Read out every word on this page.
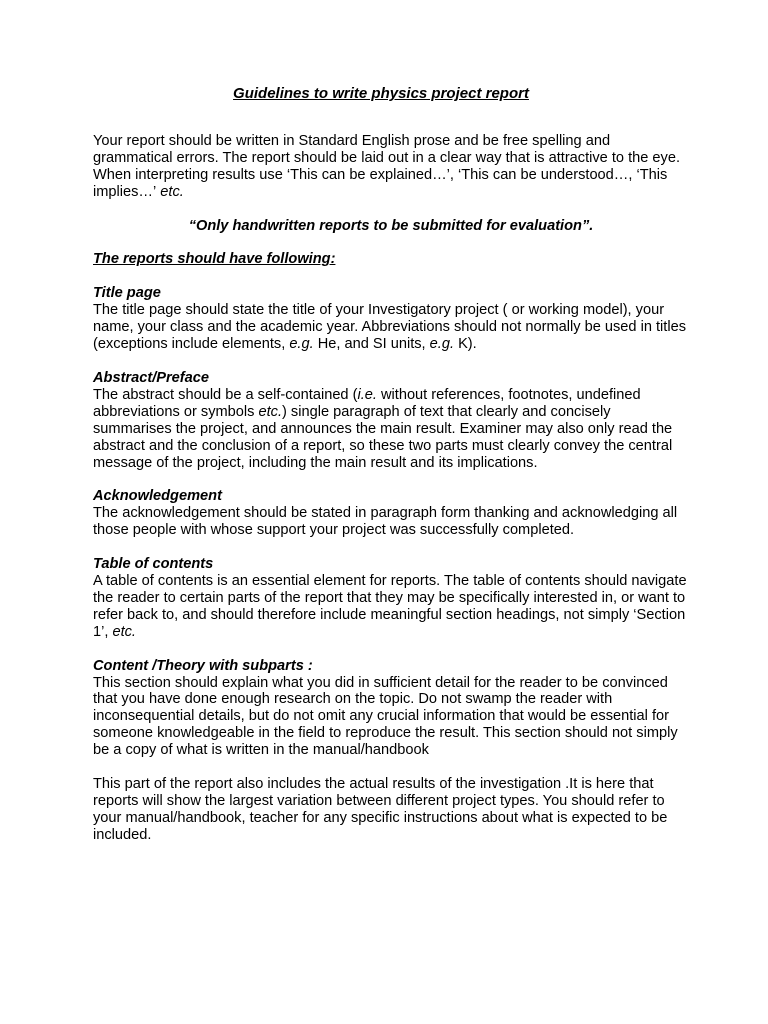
Guidelines to write physics project report

Your report should be written in Standard English prose and be free spelling and grammatical errors. The report should be laid out in a clear way that is attractive to the eye. When interpreting results use ‘This can be explained…’, ‘This can be understood…, ‘This implies…’ etc.

“Only handwritten reports to be submitted for evaluation”.
The reports should have following:
Title page

The title page should state the title of your Investigatory project ( or working model), your name, your class and the academic year. Abbreviations should not normally be used in titles (exceptions include elements, e.g. He, and SI units, e.g. K).

Abstract/Preface

The abstract should be a self-contained (i.e. without references, footnotes, undefined abbreviations or symbols etc.) single paragraph of text that clearly and concisely summarises the project, and announces the main result. Examiner may also only read the abstract and the conclusion of a report, so these two parts must clearly convey the central message of the project, including the main result and its implications.

Acknowledgement

The acknowledgement should be stated in paragraph form thanking and acknowledging all those people with whose support your project was successfully completed.

Table of contents

A table of contents is an essential element for reports. The table of contents should navigate the reader to certain parts of the report that they may be specifically interested in, or want to refer back to, and should therefore include meaningful section headings, not simply ‘Section 1’, etc.

Content /Theory with subparts :

This section should explain what you did in sufficient detail for the reader to be convinced that you have done enough research on the topic. Do not swamp the reader with inconsequential details, but do not omit any crucial information that would be essential for someone knowledgeable in the field to reproduce the result. This section should not simply be a copy of what is written in the manual/handbook

This part of the report also includes the actual results of the investigation .It is here that reports will show the largest variation between different project types. You should refer to your manual/handbook, teacher for any specific instructions about what is expected to be included.
